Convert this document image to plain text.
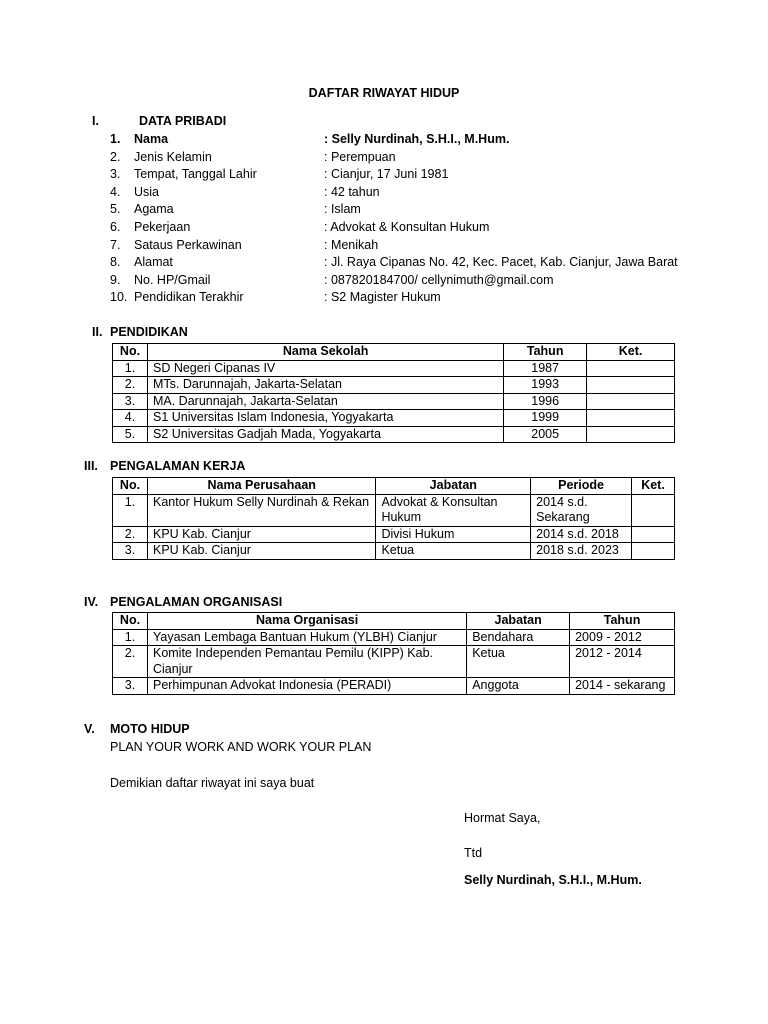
DAFTAR RIWAYAT HIDUP
I.	DATA PRIBADI
1.	Nama	: Selly Nurdinah, S.H.I., M.Hum.
2.	Jenis Kelamin	: Perempuan
3.	Tempat, Tanggal Lahir	: Cianjur, 17 Juni 1981
4.	Usia	: 42 tahun
5.	Agama	: Islam
6.	Pekerjaan	: Advokat & Konsultan Hukum
7.	Sataus Perkawinan	: Menikah
8.	Alamat	: Jl. Raya Cipanas No. 42, Kec. Pacet, Kab. Cianjur, Jawa Barat
9.	No. HP/Gmail	: 087820184700/ cellynimuth@gmail.com
10. Pendidikan Terakhir	: S2 Magister Hukum
II. PENDIDIKAN
No.	Nama Sekolah	Tahun	Ket.
1.	SD Negeri Cipanas IV	1987	
2.	MTs. Darunnajah, Jakarta-Selatan	1993	
3.	MA. Darunnajah, Jakarta-Selatan	1996	
4.	S1 Universitas Islam Indonesia, Yogyakarta	1999	
5.	S2 Universitas Gadjah Mada, Yogyakarta	2005	
III. PENGALAMAN KERJA
No.	Nama Perusahaan	Jabatan	Periode	Ket.
1.	Kantor Hukum Selly Nurdinah & Rekan	Advokat & Konsultan Hukum	2014 s.d. Sekarang	
2.	KPU Kab. Cianjur	Divisi Hukum	2014 s.d. 2018	
3.	KPU Kab. Cianjur	Ketua	2018 s.d. 2023	
IV. PENGALAMAN ORGANISASI
No.	Nama Organisasi	Jabatan	Tahun
1.	Yayasan Lembaga Bantuan Hukum (YLBH) Cianjur	Bendahara	2009 - 2012
2.	Komite Independen Pemantau Pemilu (KIPP) Kab. Cianjur	Ketua	2012 - 2014
3.	Perhimpunan Advokat Indonesia (PERADI)	Anggota	2014 - sekarang
V. MOTO HIDUP
PLAN YOUR WORK AND WORK YOUR PLAN
Demikian daftar riwayat ini saya buat
Hormat Saya,
Ttd
Selly Nurdinah, S.H.I., M.Hum.
